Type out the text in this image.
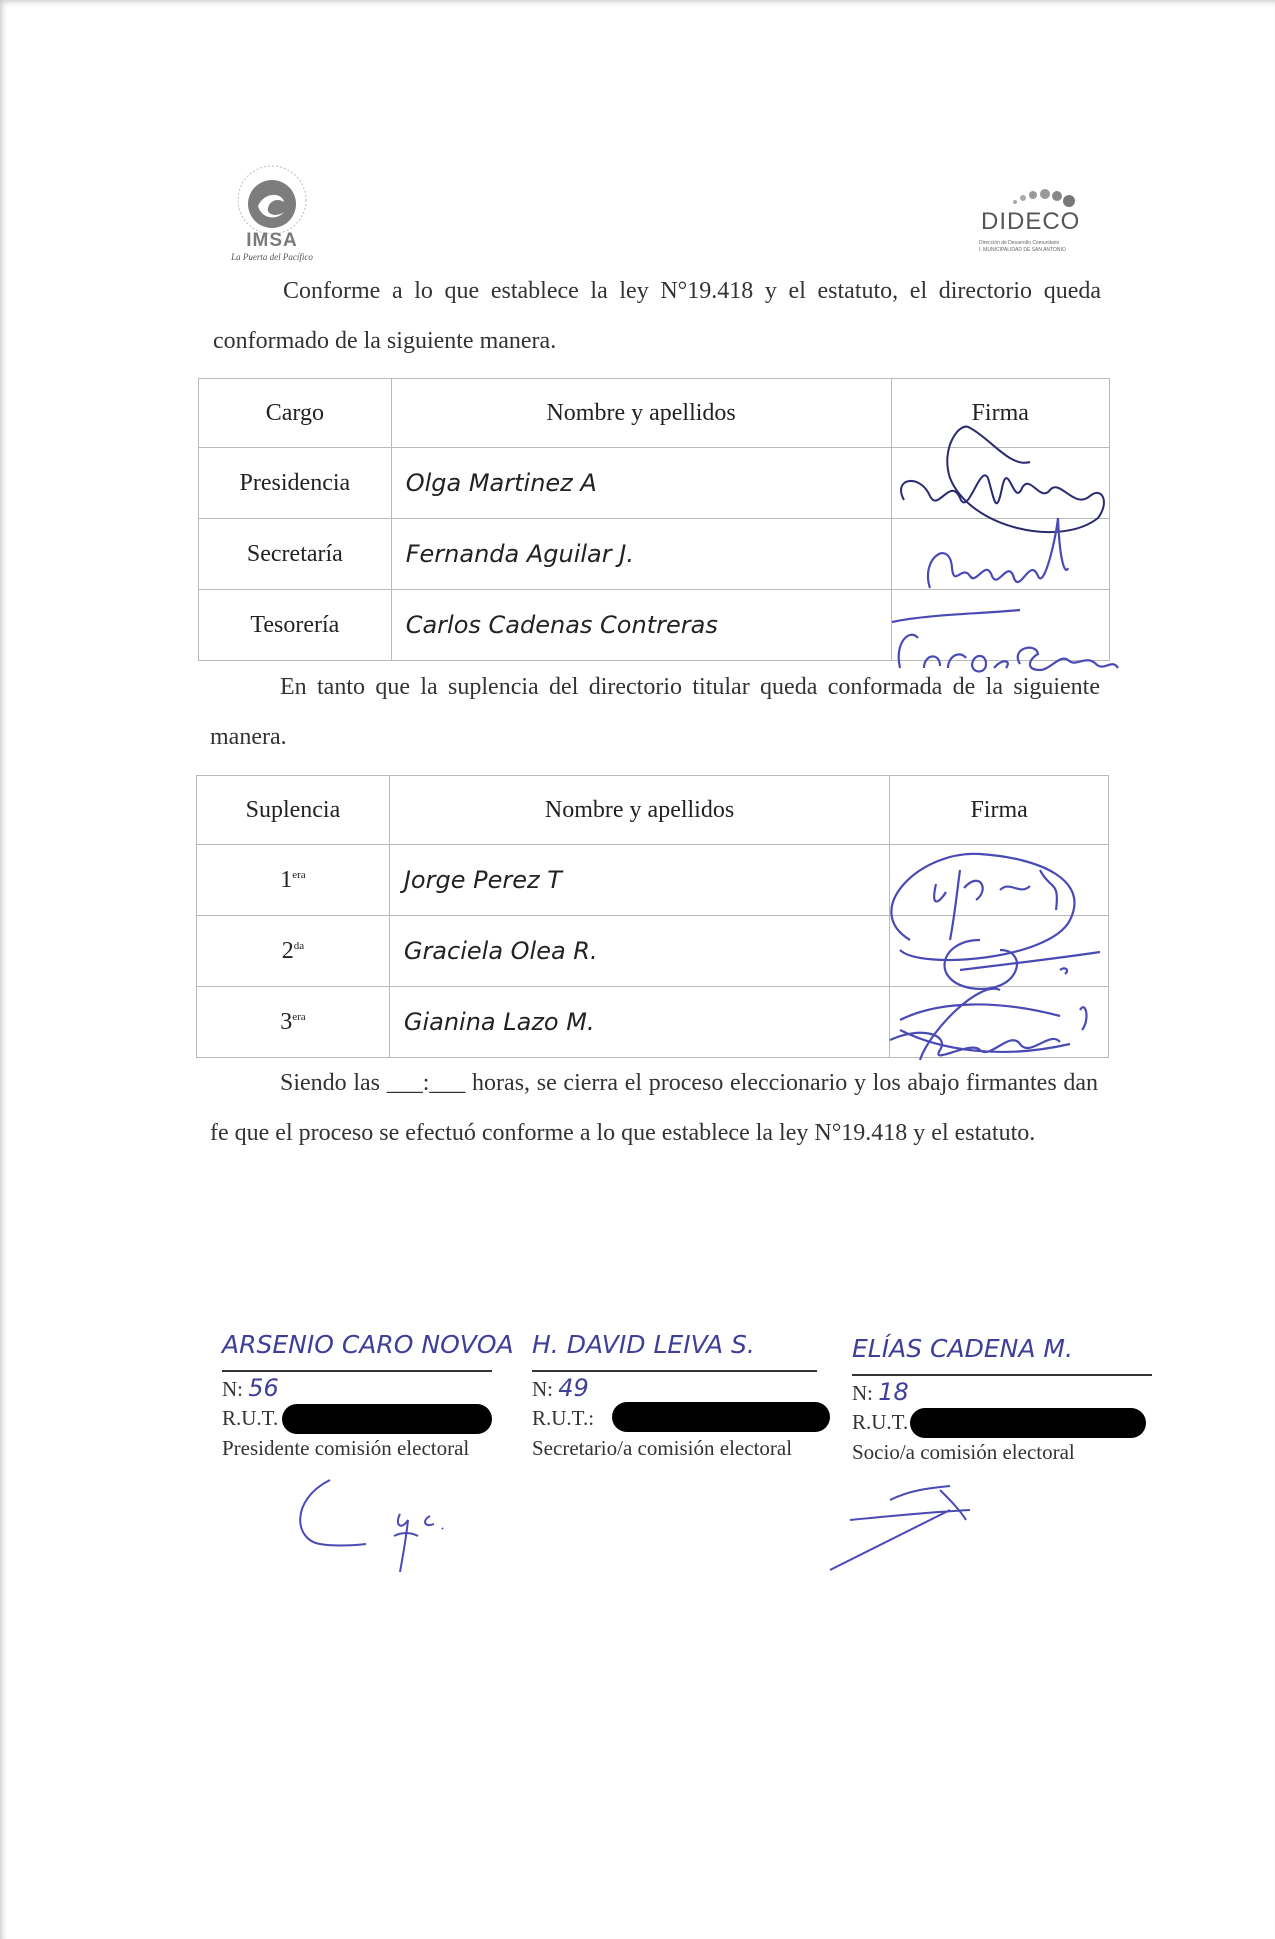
IMSA
La Puerta del Pacífico
DIDECO
Dirección de Desarrollo Comunitario
I. MUNICIPALIDAD DE SAN ANTONIO
Conforme a lo que establece la ley N°19.418 y el estatuto, el directorio queda conformado de la siguiente manera.
Cargo	Nombre y apellidos	Firma
Presidencia	Olga Martinez A	
Secretaría	Fernanda Aguilar J.	
Tesorería	Carlos Cadenas Contreras	
En tanto que la suplencia del directorio titular queda conformada de la siguiente manera.
Suplencia	Nombre y apellidos	Firma
$1^{era}$	Jorge Perez T	
$2^{da}$	Graciela Olea R.	
$3^{era}$	Gianina Lazo M.	
Siendo las ___:___ horas, se cierra el proceso eleccionario y los abajo firmantes dan fe que el proceso se efectuó conforme a lo que establece la ley N°19.418 y el estatuto.
ARSENIO CARO NOVOA
N: 56
R.U.T.
Presidente comisión electoral
H. DAVID LEIVA S.
N: 49
R.U.T.:
Secretario/a comisión electoral
ELÍAS CADENA M.
N: 18
R.U.T.
Socio/a comisión electoral
